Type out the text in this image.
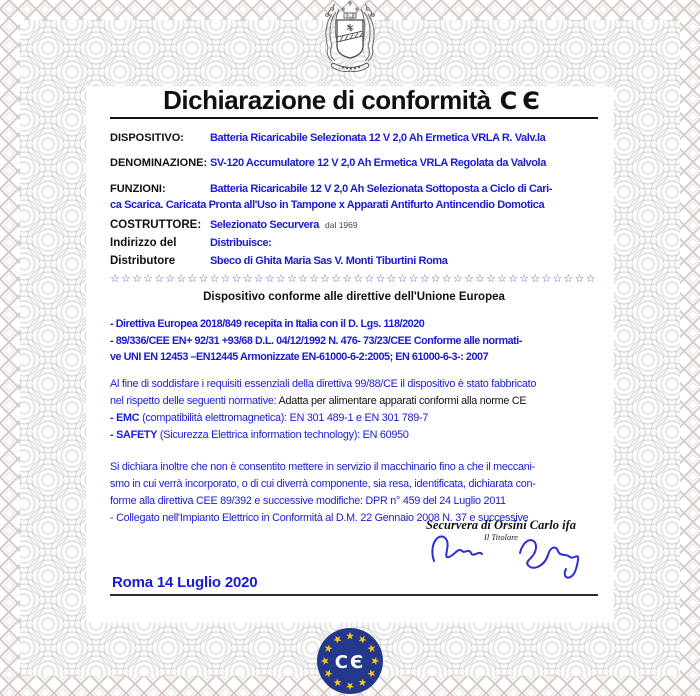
Dichiarazione di conformità CЄ
DISPOSITIVO:	Batteria Ricaricabile Selezionata 12 V 2,0 Ah Ermetica VRLA R. Valv.la
DENOMINAZIONE: SV-120 Accumulatore 12 V 2,0 Ah Ermetica VRLA Regolata da Valvola
FUNZIONI:	Batteria Ricaricabile 12 V 2,0 Ah Selezionata Sottoposta a Ciclo di Cari-
ca Scarica. Caricata Pronta all'Uso in Tampone x Apparati Antifurto Antincendio Domotica
COSTRUTTORE: Selezionato Securvera dal 1969
Indirizzo del	Distribuisce:
Distributore	Sbeco di Ghita Maria Sas V. Monti Tiburtini Roma
☆☆☆☆☆☆☆☆☆☆☆☆☆☆☆☆☆☆☆☆☆☆☆☆☆☆☆☆☆☆☆☆☆☆☆☆☆☆☆☆☆☆☆☆
Dispositivo conforme alle direttive dell'Unione Europea
- Direttiva Europea 2018/849 recepita in Italia con il D. Lgs. 118/2020
- 89/336/CEE EN+ 92/31 +93/68 D.L. 04/12/1992 N. 476- 73/23/CEE Conforme alle normati-
ve UNI EN 12453 –EN12445 Armonizzate EN-61000-6-2:2005; EN 61000-6-3-: 2007
Al fine di soddisfare i requisiti essenziali della direttiva 99/88/CE il dispositivo è stato fabbricato
nel rispetto delle seguenti normative: Adatta per alimentare apparati conformi alla norme CE
- EMC (compatibilità elettromagnetica): EN 301 489-1 e EN 301 789-7
- SAFETY (Sicurezza Elettrica information technology): EN 60950
Si dichiara inoltre che non è consentito mettere in servizio il macchinario fino a che il meccani-
smo in cui verrà incorporato, o di cui diverrà componente, sia resa, identificata, dichiarata con-
forme alla direttiva CEE 89/392 e successive modifiche: DPR n° 459 del 24 Luglio 2011
- Collegato nell'Impianto Elettrico in Conformità al D.M. 22 Gennaio 2008 N. 37 e successive
Roma 14 Luglio 2020
Securvera di Orsini Carlo ifa
Il Titolare
CЄ
